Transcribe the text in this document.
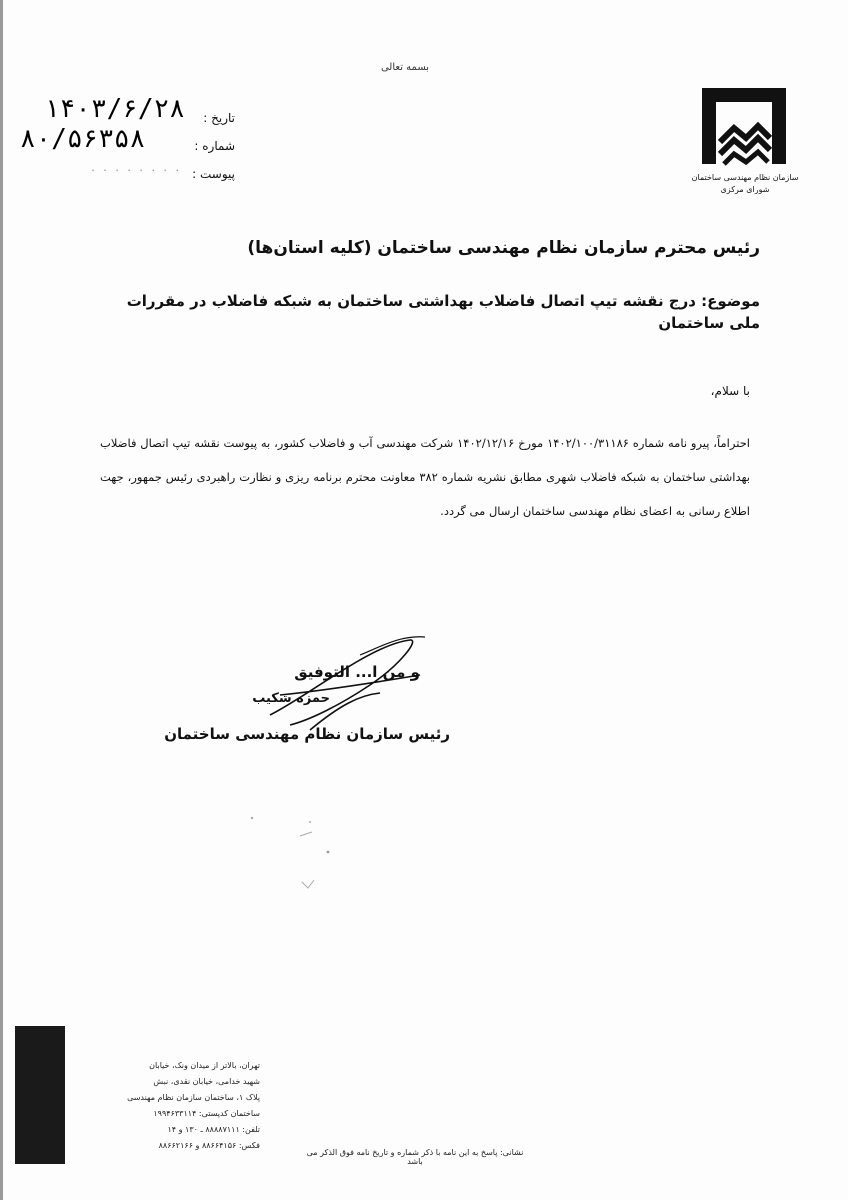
بسمه تعالی
سازمان نظام مهندسی ساختمان
شورای مرکزی
تاریخ :
شماره :
پیوست :
۱۴۰۳/۶/۲۸
۸۰/۵۶۳۵۸
. . . . . . . .
رئیس محترم سازمان نظام مهندسی ساختمان (کلیه استان‌ها)
موضوع: درج نقشه تیپ اتصال فاضلاب بهداشتی ساختمان به شبکه فاضلاب در مقررات ملی ساختمان
با سلام،
احتراماً، پیرو نامه شماره ۱۴۰۲/۱۰۰/۳۱۱۸۶ مورخ ۱۴۰۲/۱۲/۱۶ شرکت مهندسی آب و فاضلاب کشور، به پیوست نقشه تیپ اتصال فاضلاب بهداشتی ساختمان به شبکه فاضلاب شهری مطابق نشریه شماره ۳۸۲ معاونت محترم برنامه ریزی و نظارت راهبردی رئیس جمهور، جهت اطلاع رسانی به اعضای نظام مهندسی ساختمان ارسال می گردد.
و من ا... التوفیق
حمزه شکیب
رئیس سازمان نظام مهندسی ساختمان
تهران، بالاتر از میدان ونک، خیابان
شهید خدامی، خیابان نقدی، نبش
پلاک ۱، ساختمان سازمان نظام مهندسی
ساختمان کدپستی: ۱۹۹۴۶۳۳۱۱۴
تلفن: ۸۸۸۸۷۱۱۱ ـ ۱۳۰ و ۱۴
فکس: ۸۸۶۶۴۱۵۶ و ۸۸۶۶۲۱۶۶
نشانی: پاسخ به این نامه با ذکر شماره و تاریخ نامه فوق الذکر می باشد
